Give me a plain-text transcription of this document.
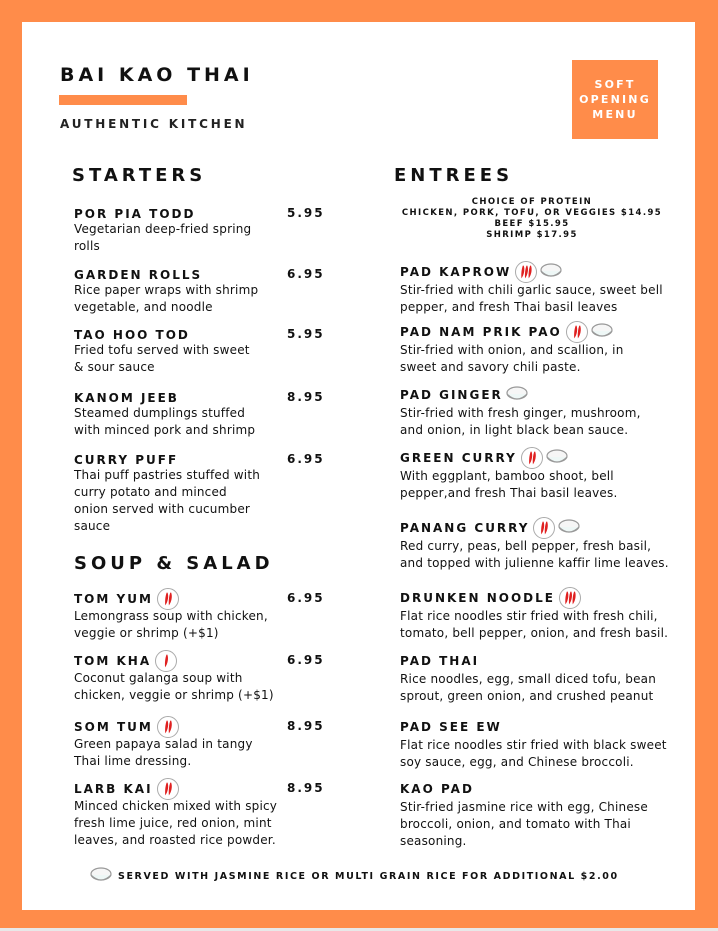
BAI KAO THAI
AUTHENTIC KITCHEN
SOFT
OPENING
MENU
STARTERS
SOUP & SALAD
ENTREES
CHOICE OF PROTEIN
CHICKEN, PORK, TOFU, OR VEGGIES $14.95
BEEF $15.95
SHRIMP $17.95
POR PIA TODD	5.95
Vegetarian deep-fried spring
rolls
GARDEN ROLLS	6.95
Rice paper wraps with shrimp
vegetable, and noodle
TAO HOO TOD	5.95
Fried tofu served with sweet
& sour sauce
KANOM JEEB	8.95
Steamed dumplings stuffed
with minced pork and shrimp
CURRY PUFF	6.95
Thai puff pastries stuffed with
curry potato and minced
onion served with cucumber
sauce
TOM YUM	6.95
Lemongrass soup with chicken,
veggie or shrimp (+$1)
TOM KHA	6.95
Coconut galanga soup with
chicken, veggie or shrimp (+$1)
SOM TUM	8.95
Green papaya salad in tangy
Thai lime dressing.
LARB KAI	8.95
Minced chicken mixed with spicy
fresh lime juice, red onion, mint
leaves, and roasted rice powder.
PAD KAPROW
Stir-fried with chili garlic sauce, sweet bell
pepper, and fresh Thai basil leaves
PAD NAM PRIK PAO
Stir-fried with onion, and scallion, in
sweet and savory chili paste.
PAD GINGER
Stir-fried with fresh ginger, mushroom,
and onion, in light black bean sauce.
GREEN CURRY
With eggplant, bamboo shoot, bell
pepper,and fresh Thai basil leaves.
PANANG CURRY
Red curry, peas, bell pepper, fresh basil,
and topped with julienne kaffir lime leaves.
DRUNKEN NOODLE
Flat rice noodles stir fried with fresh chili,
tomato, bell pepper, onion, and fresh basil.
PAD THAI
Rice noodles, egg, small diced tofu, bean
sprout, green onion, and crushed peanut
PAD SEE EW
Flat rice noodles stir fried with black sweet
soy sauce, egg, and Chinese broccoli.
KAO PAD
Stir-fried jasmine rice with egg, Chinese
broccoli, onion, and tomato with Thai
seasoning.
SERVED WITH JASMINE RICE OR MULTI GRAIN RICE FOR ADDITIONAL $2.00
